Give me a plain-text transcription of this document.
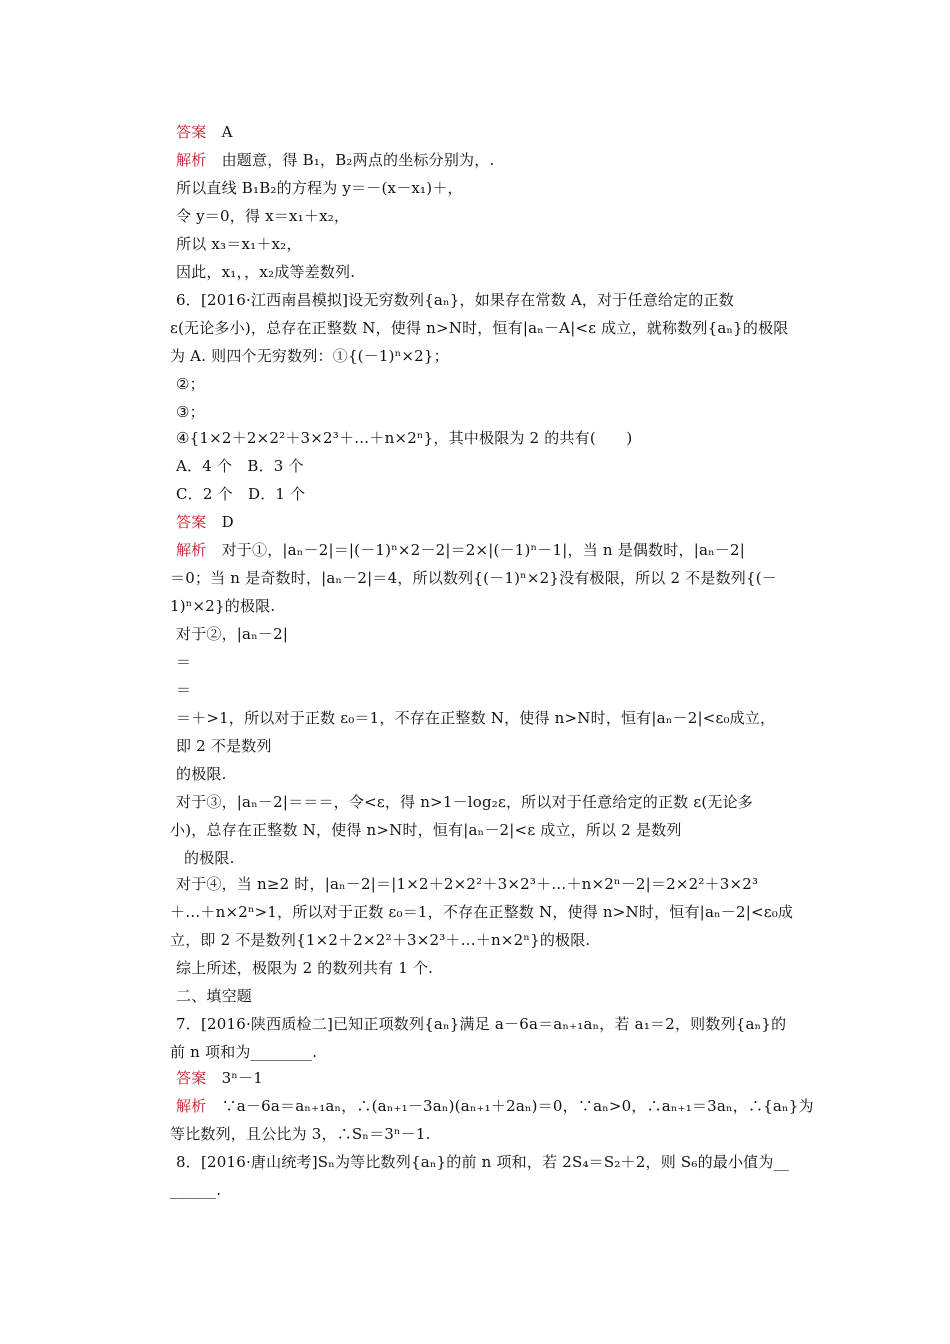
答案　 A
解析　 由题意，得 B₁，B₂两点的坐标分别为，.
所以直线 B₁B₂的方程为 y＝－(x－x₁)＋，
令 y＝0，得 x＝x₁＋x₂，
所以 x₃＝x₁＋x₂，
因此，x₁，，x₂成等差数列.
6．[2016·江西南昌模拟]设无穷数列{aₙ}，如果存在常数 A，对于任意给定的正数
ε(无论多小)，总存在正整数 N，使得 n>N时，恒有|aₙ－A|<ε 成立，就称数列{aₙ}的极限
为 A. 则四个无穷数列：①{(－1)ⁿ×2}；
②；
③；
④{1×2＋2×2²＋3×2³＋…＋n×2ⁿ}，其中极限为 2 的共有(　　)
A．4 个　B．3 个
C．2 个　D．1 个
答案　 D
解析　 对于①，|aₙ－2|＝|(－1)ⁿ×2－2|＝2×|(－1)ⁿ－1|，当 n 是偶数时，|aₙ－2|
＝0；当 n 是奇数时，|aₙ－2|＝4，所以数列{(－1)ⁿ×2}没有极限，所以 2 不是数列{(－
1)ⁿ×2}的极限.
对于②，|aₙ－2|
＝
＝
＝＋>1，所以对于正数 ε₀＝1，不存在正整数 N，使得 n>N时，恒有|aₙ－2|<ε₀成立，
即 2 不是数列
的极限.
对于③，|aₙ－2|＝＝＝，令<ε，得 n>1－log₂ε，所以对于任意给定的正数 ε(无论多
小)，总存在正整数 N，使得 n>N时，恒有|aₙ－2|<ε 成立，所以 2 是数列
的极限.
对于④，当 n≥2 时，|aₙ－2|＝|1×2＋2×2²＋3×2³＋…＋n×2ⁿ－2|＝2×2²＋3×2³
＋…＋n×2ⁿ>1，所以对于正数 ε₀＝1，不存在正整数 N，使得 n>N时，恒有|aₙ－2|<ε₀成
立，即 2 不是数列{1×2＋2×2²＋3×2³＋…＋n×2ⁿ}的极限.
综上所述，极限为 2 的数列共有 1 个.
二、填空题
7．[2016·陕西质检二]已知正项数列{aₙ}满足 a－6a＝aₙ₊₁aₙ，若 a₁＝2，则数列{aₙ}的
前 n 项和为________.
答案　 3ⁿ－1
解析　 ∵a－6a＝aₙ₊₁aₙ，∴(aₙ₊₁－3aₙ)(aₙ₊₁＋2aₙ)＝0，∵aₙ>0，∴aₙ₊₁＝3aₙ，∴{aₙ}为
等比数列，且公比为 3，∴Sₙ＝3ⁿ－1.
8．[2016·唐山统考]Sₙ为等比数列{aₙ}的前 n 项和，若 2S₄＝S₂＋2，则 S₆的最小值为__
______.
